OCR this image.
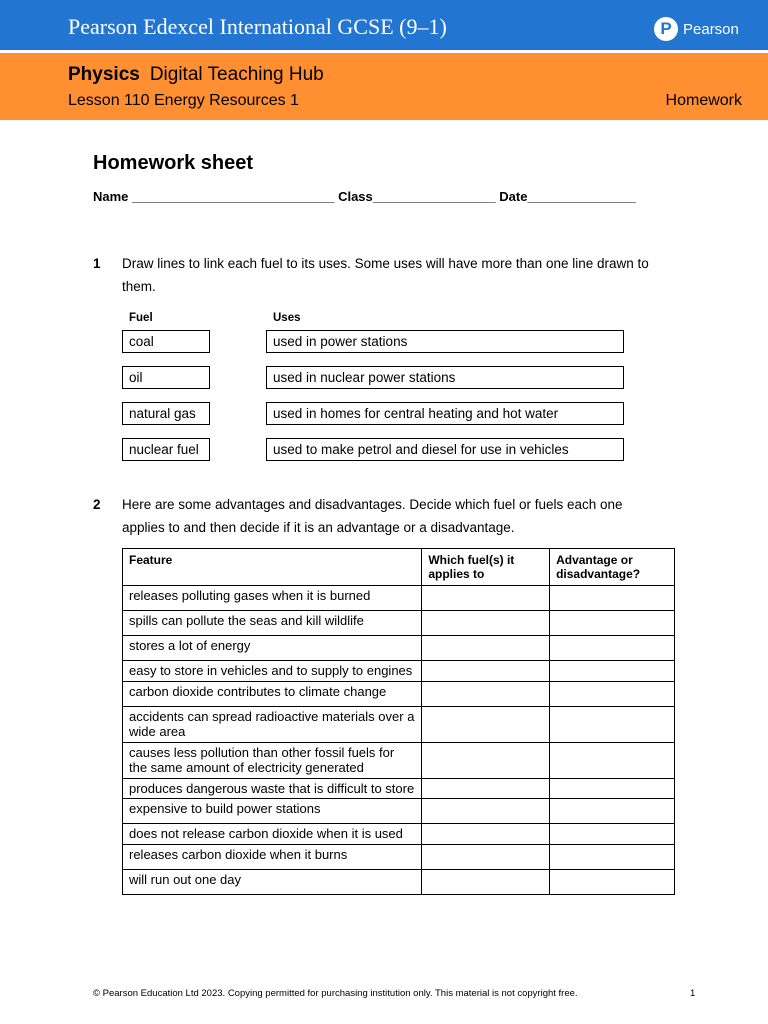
Pearson Edexcel International GCSE (9–1)	P Pearson
Physics Digital Teaching Hub
Lesson 110 Energy Resources 1	Homework
Homework sheet
Name ____________________________ Class_________________ Date_______________
1 Draw lines to link each fuel to its uses. Some uses will have more than one line drawn to them.
Fuel	Uses
coal
oil
natural gas
nuclear fuel
used in power stations
used in nuclear power stations
used in homes for central heating and hot water
used to make petrol and diesel for use in vehicles
2 Here are some advantages and disadvantages. Decide which fuel or fuels each one applies to and then decide if it is an advantage or a disadvantage.
Feature	Which fuel(s) it applies to	Advantage or disadvantage?
releases polluting gases when it is burned		
spills can pollute the seas and kill wildlife		
stores a lot of energy		
easy to store in vehicles and to supply to engines		
carbon dioxide contributes to climate change		
accidents can spread radioactive materials over a wide area		
causes less pollution than other fossil fuels for the same amount of electricity generated		
produces dangerous waste that is difficult to store		
expensive to build power stations		
does not release carbon dioxide when it is used		
releases carbon dioxide when it burns		
will run out one day		
© Pearson Education Ltd 2023. Copying permitted for purchasing institution only. This material is not copyright free.	1
